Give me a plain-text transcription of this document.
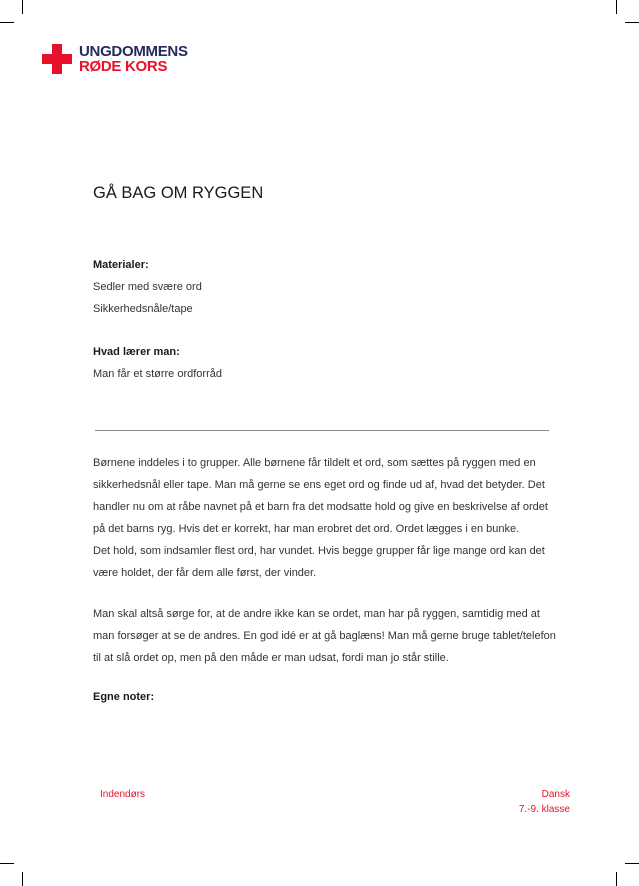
UNGDOMMENS
RØDE KORS
GÅ BAG OM RYGGEN
Materialer:
Sedler med svære ord
Sikkerhedsnåle/tape
Hvad lærer man:
Man får et større ordforråd
Børnene inddeles i to grupper. Alle børnene får tildelt et ord, som sættes på ryggen med en
sikkerhedsnål eller tape. Man må gerne se ens eget ord og finde ud af, hvad det betyder. Det
handler nu om at råbe navnet på et barn fra det modsatte hold og give en beskrivelse af ordet
på det barns ryg. Hvis det er korrekt, har man erobret det ord. Ordet lægges i en bunke.
Det hold, som indsamler flest ord, har vundet. Hvis begge grupper får lige mange ord kan det
være holdet, der får dem alle først, der vinder.
Man skal altså sørge for, at de andre ikke kan se ordet, man har på ryggen, samtidig med at
man forsøger at se de andres. En god idé er at gå baglæns! Man må gerne bruge tablet/telefon
til at slå ordet op, men på den måde er man udsat, fordi man jo står stille.
Egne noter:
Indendørs	Dansk
7.-9. klasse
